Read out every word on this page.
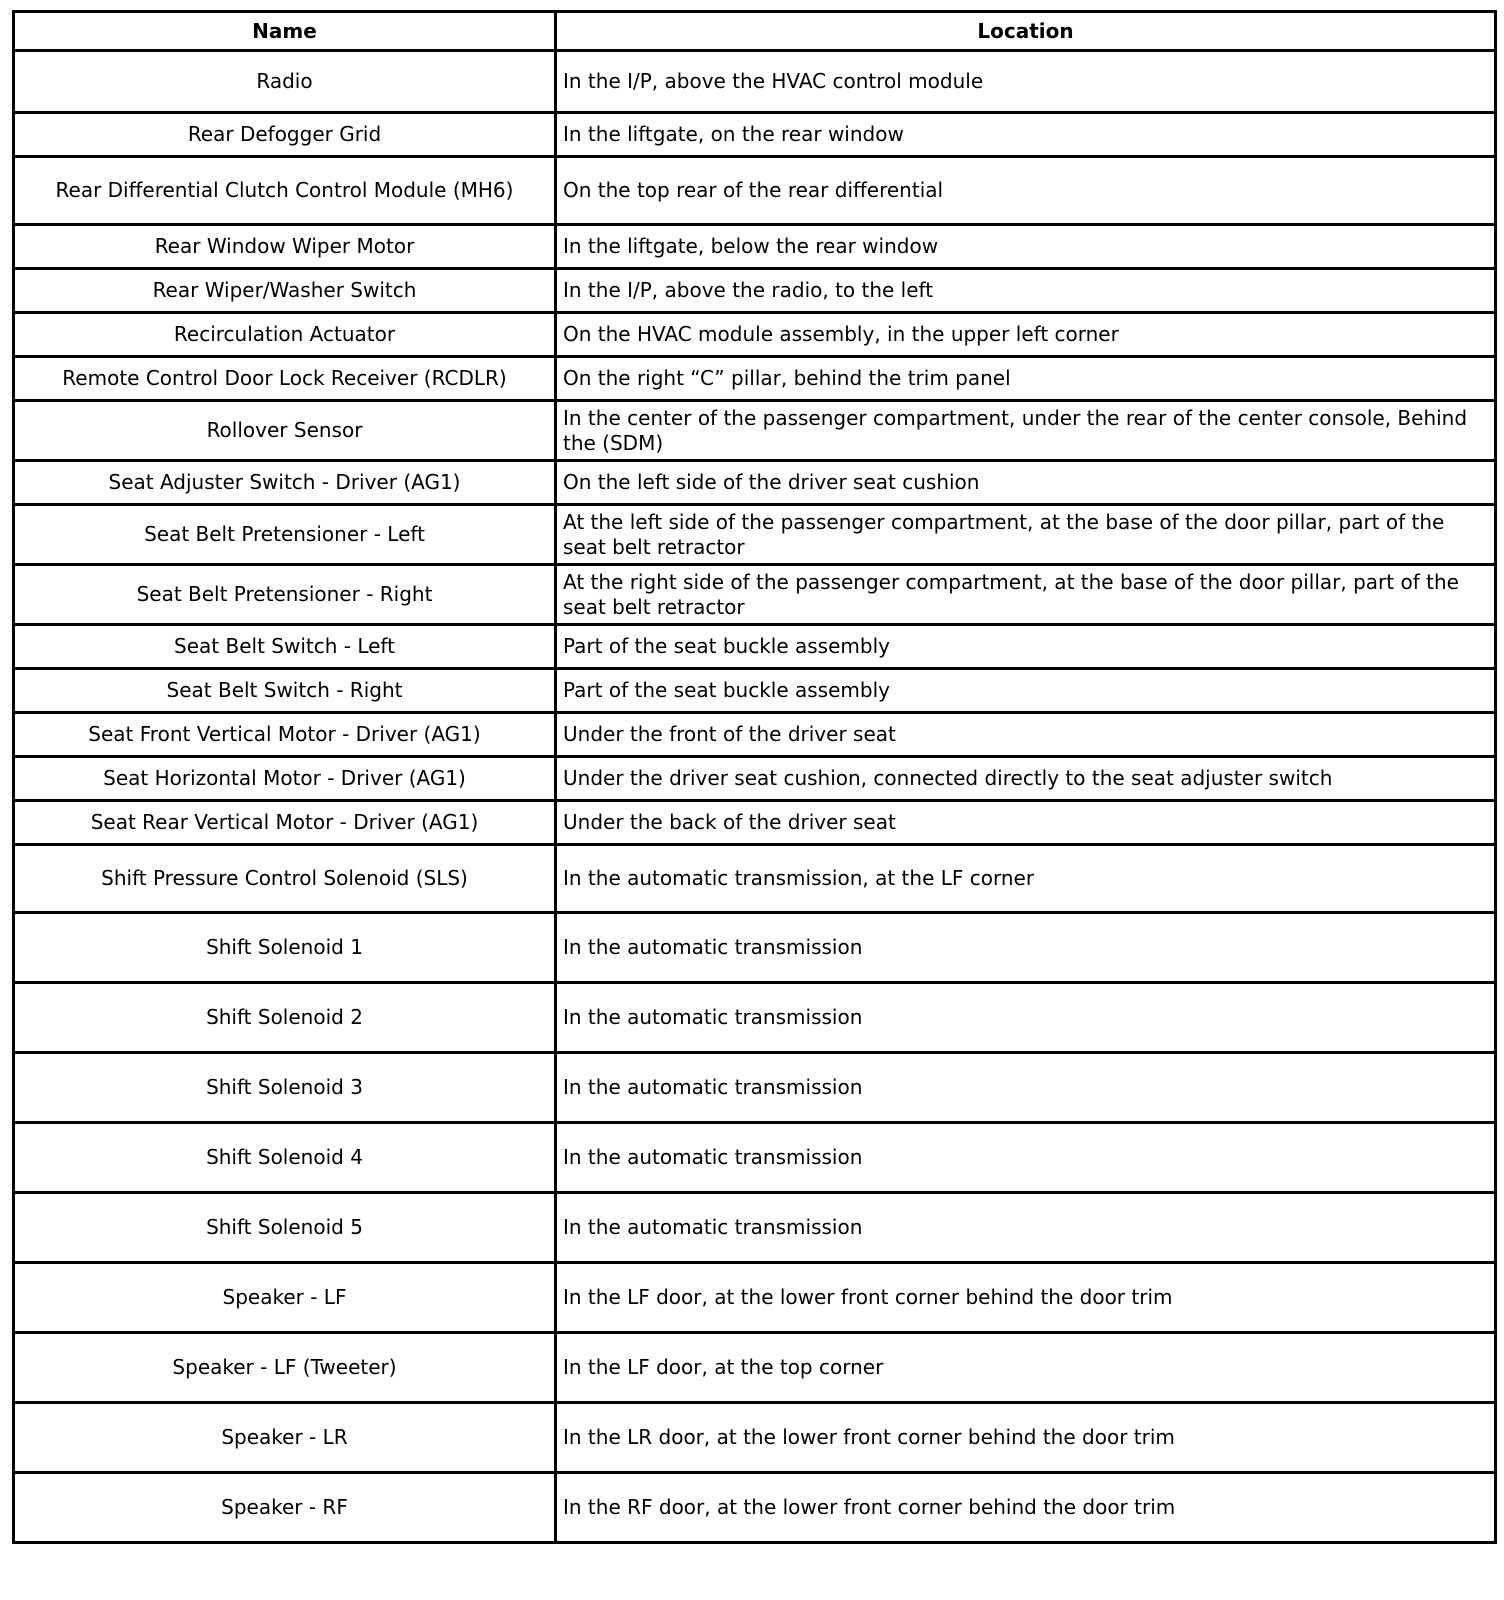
Name	Location
Radio	In the I/P, above the HVAC control module
Rear Defogger Grid	In the liftgate, on the rear window
Rear Differential Clutch Control Module (MH6)	On the top rear of the rear differential
Rear Window Wiper Motor	In the liftgate, below the rear window
Rear Wiper/Washer Switch	In the I/P, above the radio, to the left
Recirculation Actuator	On the HVAC module assembly, in the upper left corner
Remote Control Door Lock Receiver (RCDLR)	On the right “C” pillar, behind the trim panel
Rollover Sensor	In the center of the passenger compartment, under the rear of the center console, Behind the (SDM)
Seat Adjuster Switch - Driver (AG1)	On the left side of the driver seat cushion
Seat Belt Pretensioner - Left	At the left side of the passenger compartment, at the base of the door pillar, part of the seat belt retractor
Seat Belt Pretensioner - Right	At the right side of the passenger compartment, at the base of the door pillar, part of the seat belt retractor
Seat Belt Switch - Left	Part of the seat buckle assembly
Seat Belt Switch - Right	Part of the seat buckle assembly
Seat Front Vertical Motor - Driver (AG1)	Under the front of the driver seat
Seat Horizontal Motor - Driver (AG1)	Under the driver seat cushion, connected directly to the seat adjuster switch
Seat Rear Vertical Motor - Driver (AG1)	Under the back of the driver seat
Shift Pressure Control Solenoid (SLS)	In the automatic transmission, at the LF corner
Shift Solenoid 1	In the automatic transmission
Shift Solenoid 2	In the automatic transmission
Shift Solenoid 3	In the automatic transmission
Shift Solenoid 4	In the automatic transmission
Shift Solenoid 5	In the automatic transmission
Speaker - LF	In the LF door, at the lower front corner behind the door trim
Speaker - LF (Tweeter)	In the LF door, at the top corner
Speaker - LR	In the LR door, at the lower front corner behind the door trim
Speaker - RF	In the RF door, at the lower front corner behind the door trim
